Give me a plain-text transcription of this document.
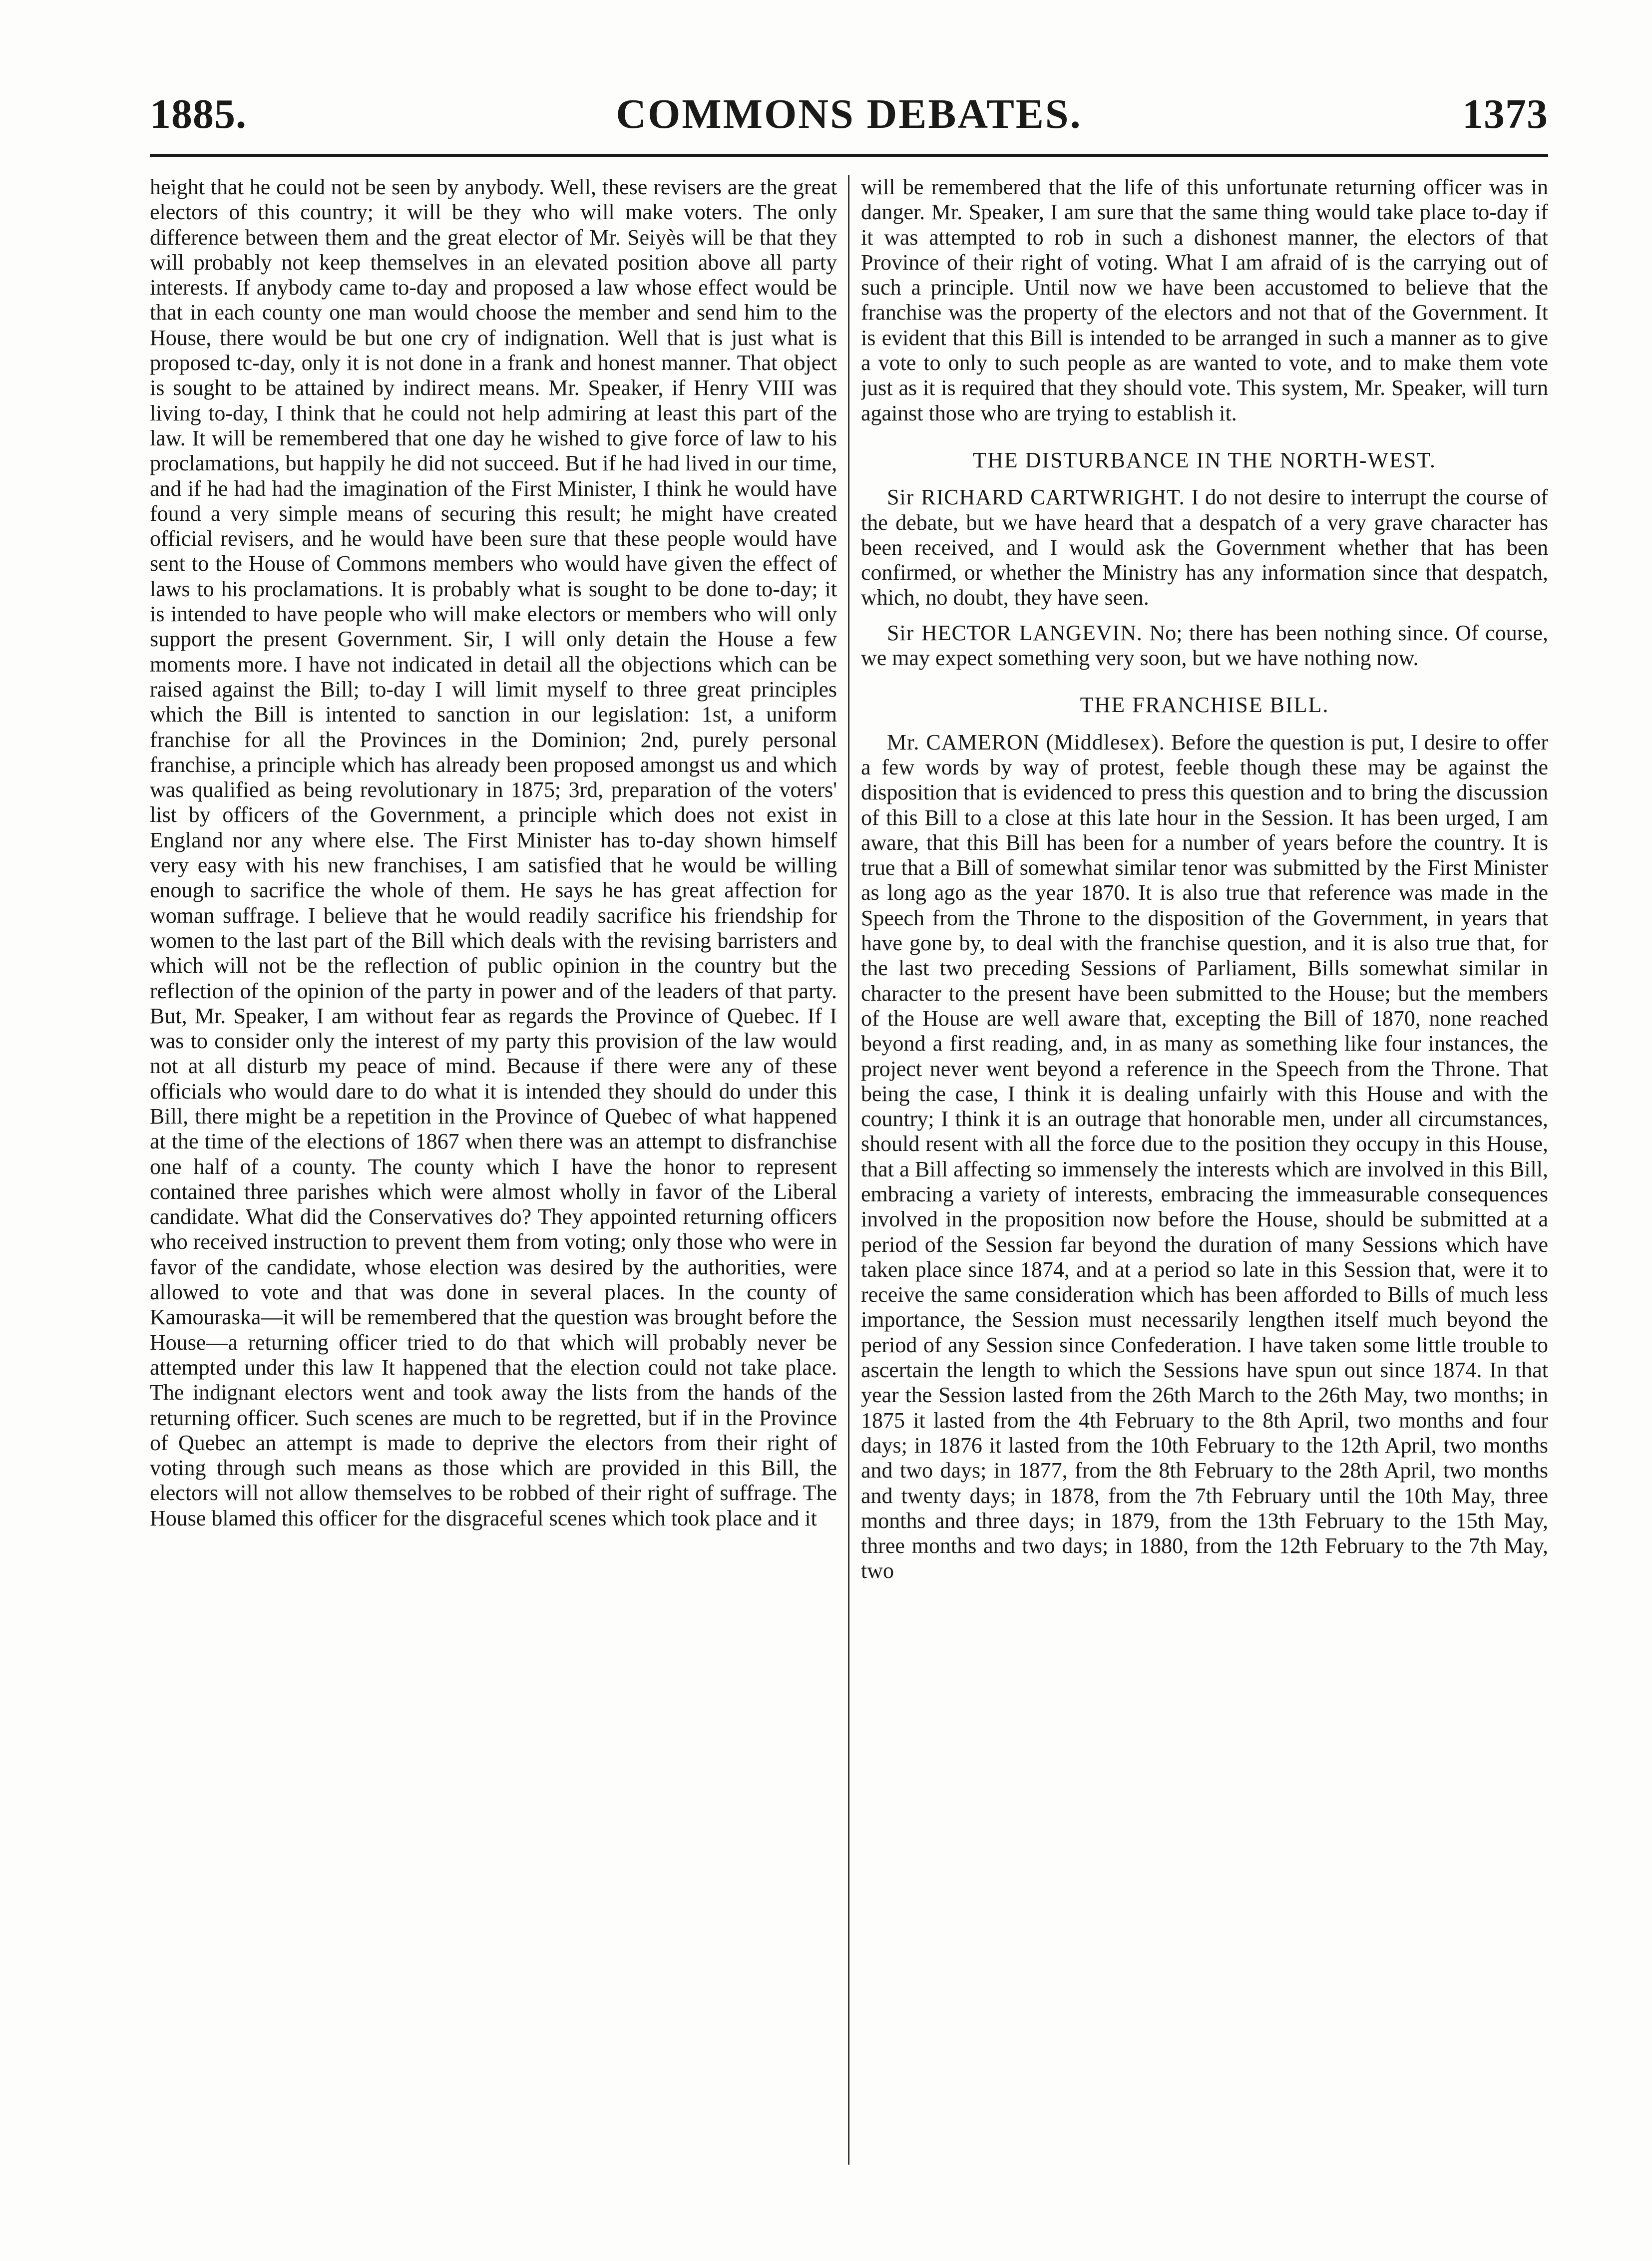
1885.	COMMONS DEBATES.	1373

height that he could not be seen by anybody. Well, these revisers are the great electors of this country; it will be they who will make voters. The only difference between them and the great elector of Mr. Seiyès will be that they will probably not keep themselves in an elevated position above all party interests. If anybody came to-day and proposed a law whose effect would be that in each county one man would choose the member and send him to the House, there would be but one cry of indignation. Well that is just what is proposed tc-day, only it is not done in a frank and honest manner. That object is sought to be attained by indirect means. Mr. Speaker, if Henry VIII was living to-day, I think that he could not help admiring at least this part of the law. It will be remembered that one day he wished to give force of law to his proclamations, but happily he did not succeed. But if he had lived in our time, and if he had had the imagination of the First Minister, I think he would have found a very simple means of securing this result; he might have created official revisers, and he would have been sure that these people would have sent to the House of Commons members who would have given the effect of laws to his proclamations. It is probably what is sought to be done to-day; it is intended to have people who will make electors or members who will only support the present Government. Sir, I will only detain the House a few moments more. I have not indicated in detail all the objections which can be raised against the Bill; to-day I will limit myself to three great principles which the Bill is intented to sanction in our legislation: 1st, a uniform franchise for all the Provinces in the Dominion; 2nd, purely personal franchise, a principle which has already been proposed amongst us and which was qualified as being revolutionary in 1875; 3rd, preparation of the voters' list by officers of the Government, a principle which does not exist in England nor any where else. The First Minister has to-day shown himself very easy with his new franchises, I am satisfied that he would be willing enough to sacrifice the whole of them. He says he has great affection for woman suffrage. I believe that he would readily sacrifice his friendship for women to the last part of the Bill which deals with the revising barristers and which will not be the reflection of public opinion in the country but the reflection of the opinion of the party in power and of the leaders of that party. But, Mr. Speaker, I am without fear as regards the Province of Quebec. If I was to consider only the interest of my party this provision of the law would not at all disturb my peace of mind. Because if there were any of these officials who would dare to do what it is intended they should do under this Bill, there might be a repetition in the Province of Quebec of what happened at the time of the elections of 1867 when there was an attempt to disfranchise one half of a county. The county which I have the honor to represent contained three parishes which were almost wholly in favor of the Liberal candidate. What did the Conservatives do? They appointed returning officers who received instruction to prevent them from voting; only those who were in favor of the candidate, whose election was desired by the authorities, were allowed to vote and that was done in several places. In the county of Kamouraska—it will be remembered that the question was brought before the House—a returning officer tried to do that which will probably never be attempted under this law It happened that the election could not take place. The indignant electors went and took away the lists from the hands of the returning officer. Such scenes are much to be regretted, but if in the Province of Quebec an attempt is made to deprive the electors from their right of voting through such means as those which are provided in this Bill, the electors will not allow themselves to be robbed of their right of suffrage. The House blamed this officer for the disgraceful scenes which took place and it

will be remembered that the life of this unfortunate returning officer was in danger. Mr. Speaker, I am sure that the same thing would take place to-day if it was attempted to rob in such a dishonest manner, the electors of that Province of their right of voting. What I am afraid of is the carrying out of such a principle. Until now we have been accustomed to believe that the franchise was the property of the electors and not that of the Government. It is evident that this Bill is intended to be arranged in such a manner as to give a vote to only to such people as are wanted to vote, and to make them vote just as it is required that they should vote. This system, Mr. Speaker, will turn against those who are trying to establish it.

THE DISTURBANCE IN THE NORTH-WEST.

Sir RICHARD CARTWRIGHT. I do not desire to interrupt the course of the debate, but we have heard that a despatch of a very grave character has been received, and I would ask the Government whether that has been confirmed, or whether the Ministry has any information since that despatch, which, no doubt, they have seen.

Sir HECTOR LANGEVIN. No; there has been nothing since. Of course, we may expect something very soon, but we have nothing now.

THE FRANCHISE BILL.

Mr. CAMERON (Middlesex). Before the question is put, I desire to offer a few words by way of protest, feeble though these may be against the disposition that is evidenced to press this question and to bring the discussion of this Bill to a close at this late hour in the Session. It has been urged, I am aware, that this Bill has been for a number of years before the country. It is true that a Bill of somewhat similar tenor was submitted by the First Minister as long ago as the year 1870. It is also true that reference was made in the Speech from the Throne to the disposition of the Government, in years that have gone by, to deal with the franchise question, and it is also true that, for the last two preceding Sessions of Parliament, Bills somewhat similar in character to the present have been submitted to the House; but the members of the House are well aware that, excepting the Bill of 1870, none reached beyond a first reading, and, in as many as something like four instances, the project never went beyond a reference in the Speech from the Throne. That being the case, I think it is dealing unfairly with this House and with the country; I think it is an outrage that honorable men, under all circumstances, should resent with all the force due to the position they occupy in this House, that a Bill affecting so immensely the interests which are involved in this Bill, embracing a variety of interests, embracing the immeasurable consequences involved in the proposition now before the House, should be submitted at a period of the Session far beyond the duration of many Sessions which have taken place since 1874, and at a period so late in this Session that, were it to receive the same consideration which has been afforded to Bills of much less importance, the Session must necessarily lengthen itself much beyond the period of any Session since Confederation. I have taken some little trouble to ascertain the length to which the Sessions have spun out since 1874. In that year the Session lasted from the 26th March to the 26th May, two months; in 1875 it lasted from the 4th February to the 8th April, two months and four days; in 1876 it lasted from the 10th February to the 12th April, two months and two days; in 1877, from the 8th February to the 28th April, two months and twenty days; in 1878, from the 7th February until the 10th May, three months and three days; in 1879, from the 13th February to the 15th May, three months and two days; in 1880, from the 12th February to the 7th May, two
